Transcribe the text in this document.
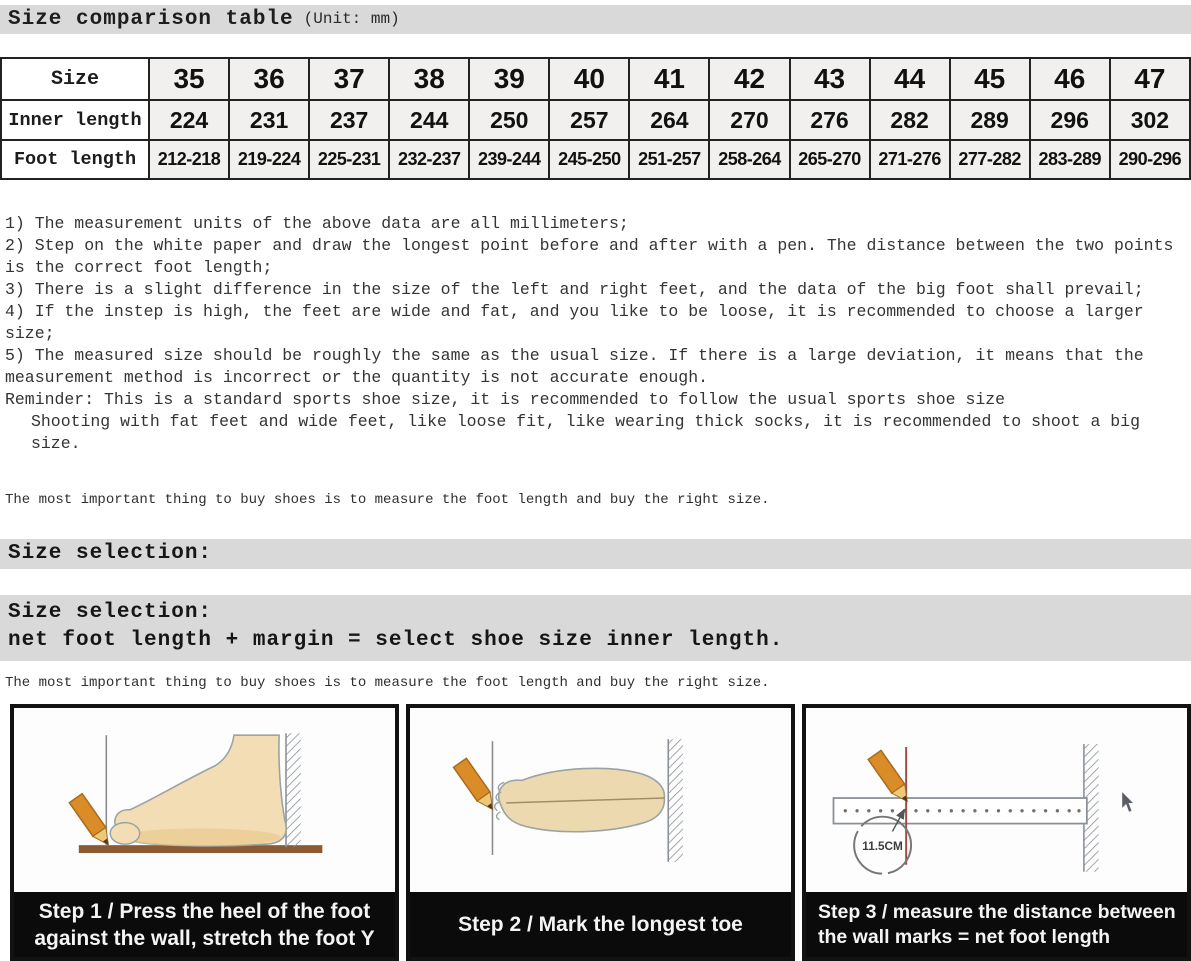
Size comparison table (Unit: mm)
Size	35	36	37	38	39	40	41	42	43	44	45	46	47
Inner length	224	231	237	244	250	257	264	270	276	282	289	296	302
Foot length	212-218	219-224	225-231	232-237	239-244	245-250	251-257	258-264	265-270	271-276	277-282	283-289	290-296
1) The measurement units of the above data are all millimeters;
2) Step on the white paper and draw the longest point before and after with a pen. The distance between the two points is the correct foot length;
3) There is a slight difference in the size of the left and right feet, and the data of the big foot shall prevail;
4) If the instep is high, the feet are wide and fat, and you like to be loose, it is recommended to choose a larger size;
5) The measured size should be roughly the same as the usual size. If there is a large deviation, it means that the measurement method is incorrect or the quantity is not accurate enough.
Reminder: This is a standard sports shoe size, it is recommended to follow the usual sports shoe size
Shooting with fat feet and wide feet, like loose fit, like wearing thick socks, it is recommended to shoot a big size.
The most important thing to buy shoes is to measure the foot length and buy the right size.
Size selection:
Size selection:
net foot length + margin = select shoe size inner length.
The most important thing to buy shoes is to measure the foot length and buy the right size.
Step 1 / Press the heel of the foot against the wall, stretch the foot Y
Step 2 / Mark the longest toe
11.5CM
Step 3 / measure the distance between the wall marks = net foot length
